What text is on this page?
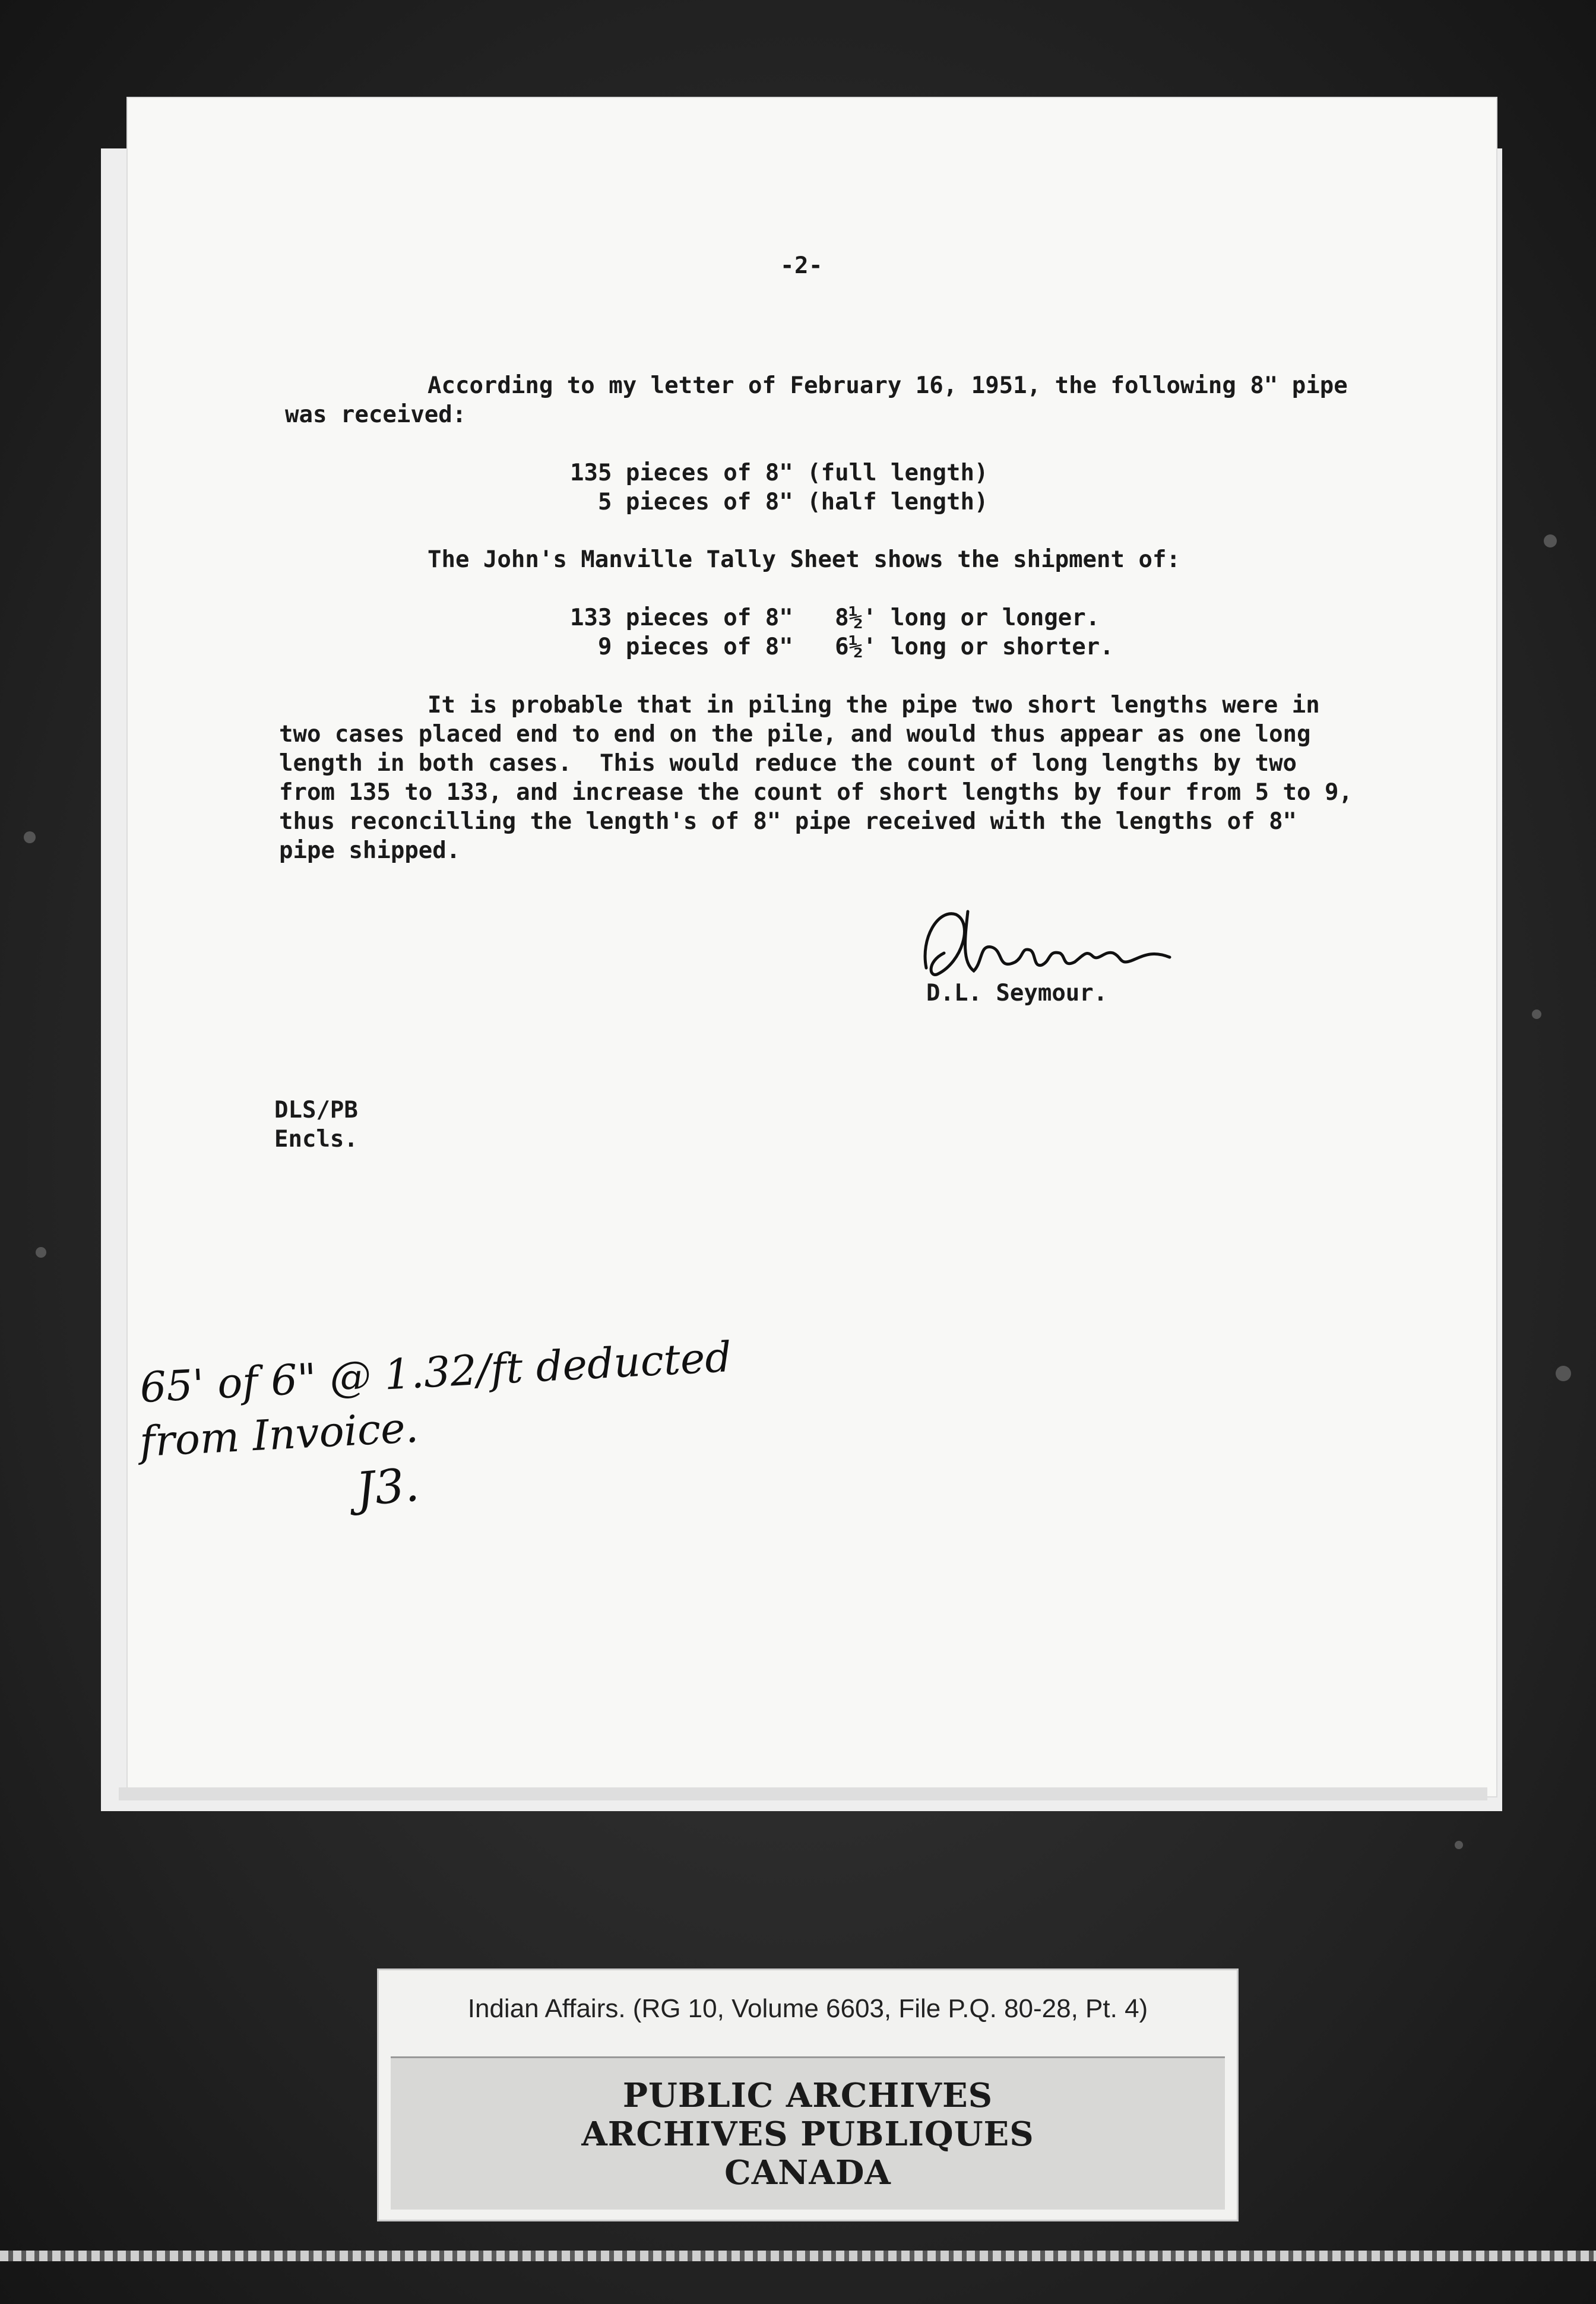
-2-
According to my letter of February 16, 1951, the following 8" pipe
was received:
135 pieces of 8" (full length)
5 pieces of 8" (half length)
The John's Manville Tally Sheet shows the shipment of:
133 pieces of 8"   8½' long or longer.
9 pieces of 8"   6½' long or shorter.
It is probable that in piling the pipe two short lengths were in
two cases placed end to end on the pile, and would thus appear as one long
length in both cases.  This would reduce the count of long lengths by two
from 135 to 133, and increase the count of short lengths by four from 5 to 9,
thus reconcilling the length's of 8" pipe received with the lengths of 8"
pipe shipped.
D.L. Seymour.
DLS/PB
Encls.
65' of 6" @ 1.32/ft deducted
from Invoice.
J3.
Indian Affairs. (RG 10, Volume 6603, File P.Q. 80-28, Pt. 4)
PUBLIC ARCHIVES
ARCHIVES PUBLIQUES
CANADA
